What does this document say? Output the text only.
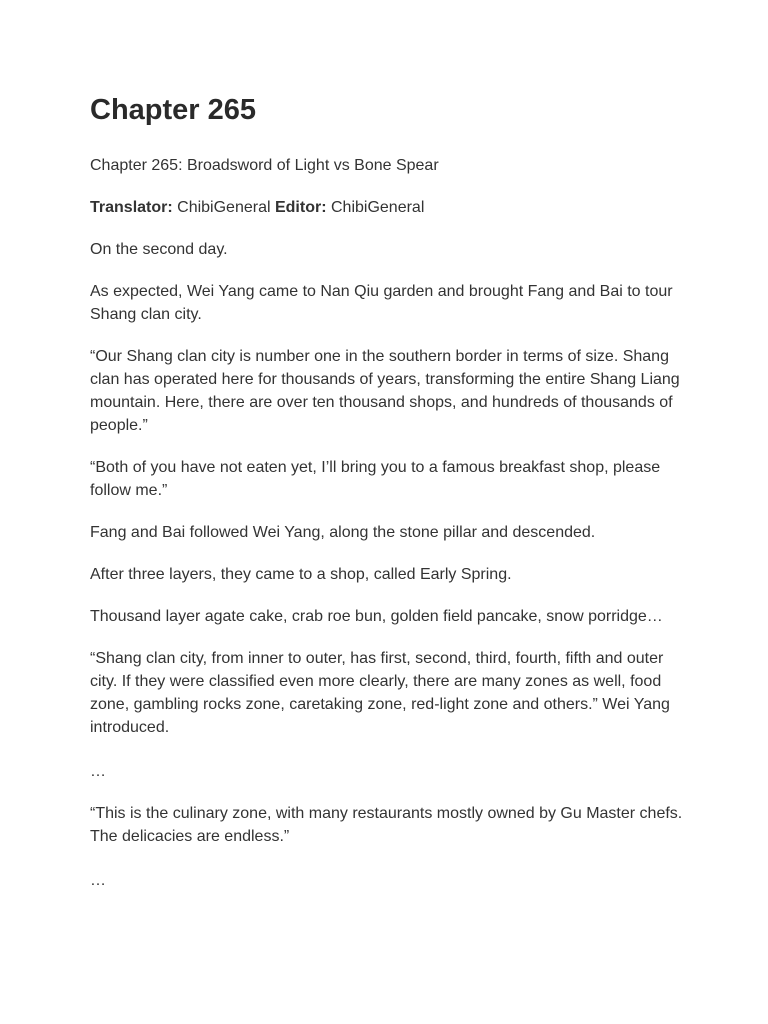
Chapter 265

Chapter 265: Broadsword of Light vs Bone Spear

Translator: ChibiGeneral Editor: ChibiGeneral

On the second day.

As expected, Wei Yang came to Nan Qiu garden and brought Fang and Bai to tour Shang clan city.

“Our Shang clan city is number one in the southern border in terms of size. Shang clan has operated here for thousands of years, transforming the entire Shang Liang mountain. Here, there are over ten thousand shops, and hundreds of thousands of people.”

“Both of you have not eaten yet, I’ll bring you to a famous breakfast shop, please follow me.”

Fang and Bai followed Wei Yang, along the stone pillar and descended.

After three layers, they came to a shop, called Early Spring.

Thousand layer agate cake, crab roe bun, golden field pancake, snow porridge…

“Shang clan city, from inner to outer, has first, second, third, fourth, fifth and outer city. If they were classified even more clearly, there are many zones as well, food zone, gambling rocks zone, caretaking zone, red-light zone and others.” Wei Yang introduced.

…

“This is the culinary zone, with many restaurants mostly owned by Gu Master chefs. The delicacies are endless.”

…
